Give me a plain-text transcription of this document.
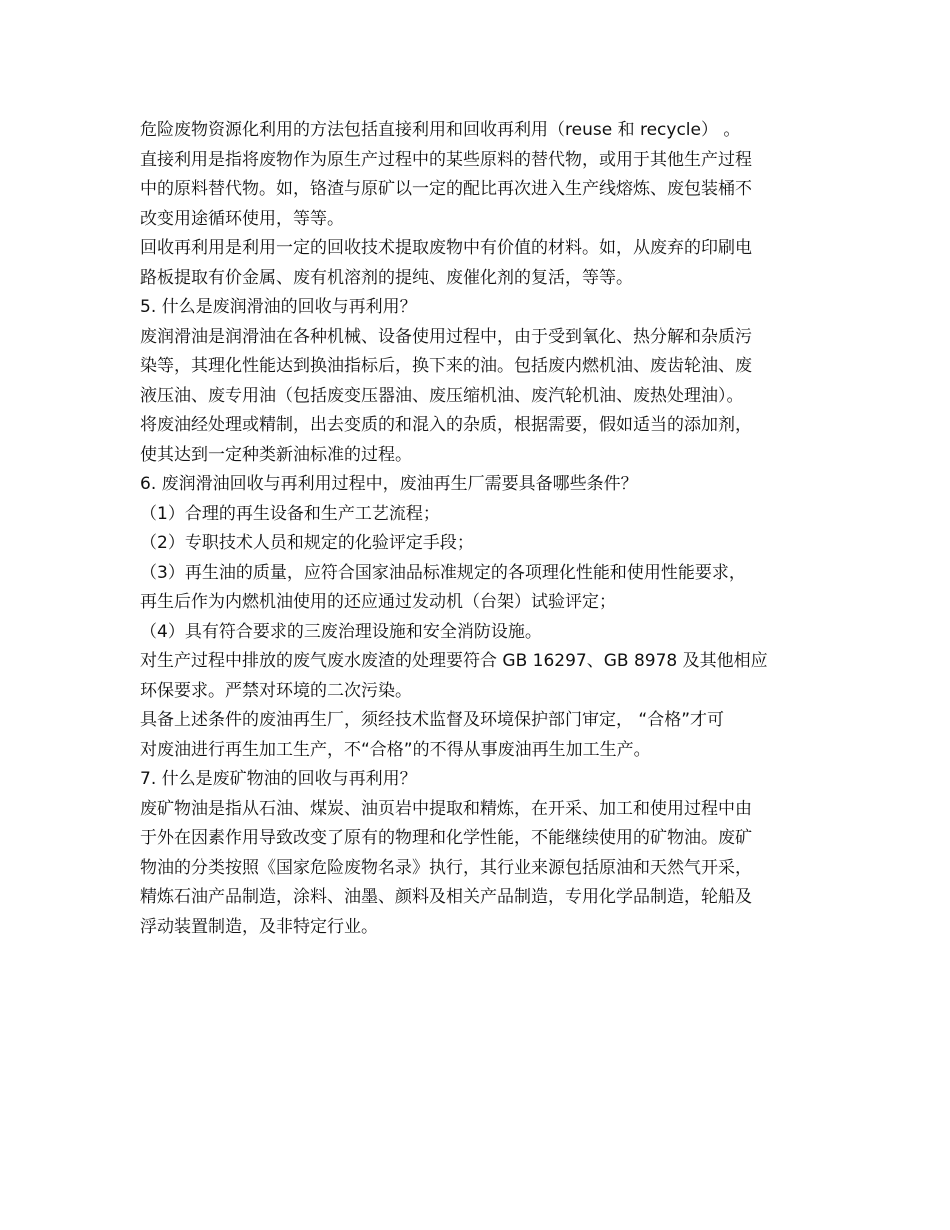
危险废物资源化利用的方法包括直接利用和回收再利用（reuse 和 recycle） 。

直接利用是指将废物作为原生产过程中的某些原料的替代物，或用于其他生产过程

中的原料替代物。如，铬渣与原矿以一定的配比再次进入生产线熔炼、废包装桶不

改变用途循环使用，等等。

回收再利用是利用一定的回收技术提取废物中有价值的材料。如，从废弃的印刷电

路板提取有价金属、废有机溶剂的提纯、废催化剂的复活，等等。

5. 什么是废润滑油的回收与再利用？

废润滑油是润滑油在各种机械、设备使用过程中，由于受到氧化、热分解和杂质污

染等，其理化性能达到换油指标后，换下来的油。包括废内燃机油、废齿轮油、废

液压油、废专用油（包括废变压器油、废压缩机油、废汽轮机油、废热处理油）。

将废油经处理或精制，出去变质的和混入的杂质，根据需要，假如适当的添加剂，

使其达到一定种类新油标准的过程。

6. 废润滑油回收与再利用过程中，废油再生厂需要具备哪些条件？

（1）合理的再生设备和生产工艺流程；

（2）专职技术人员和规定的化验评定手段；

（3）再生油的质量，应符合国家油品标准规定的各项理化性能和使用性能要求，

再生后作为内燃机油使用的还应通过发动机（台架）试验评定；

（4）具有符合要求的三废治理设施和安全消防设施。

对生产过程中排放的废气废水废渣的处理要符合 GB 16297、GB 8978 及其他相应

环保要求。严禁对环境的二次污染。

具备上述条件的废油再生厂，须经技术监督及环境保护部门审定， “合格”才可

对废油进行再生加工生产，不“合格”的不得从事废油再生加工生产。

7. 什么是废矿物油的回收与再利用？

废矿物油是指从石油、煤炭、油页岩中提取和精炼，在开采、加工和使用过程中由

于外在因素作用导致改变了原有的物理和化学性能，不能继续使用的矿物油。废矿

物油的分类按照《国家危险废物名录》执行，其行业来源包括原油和天然气开采，

精炼石油产品制造，涂料、油墨、颜料及相关产品制造，专用化学品制造，轮船及

浮动装置制造，及非特定行业。
